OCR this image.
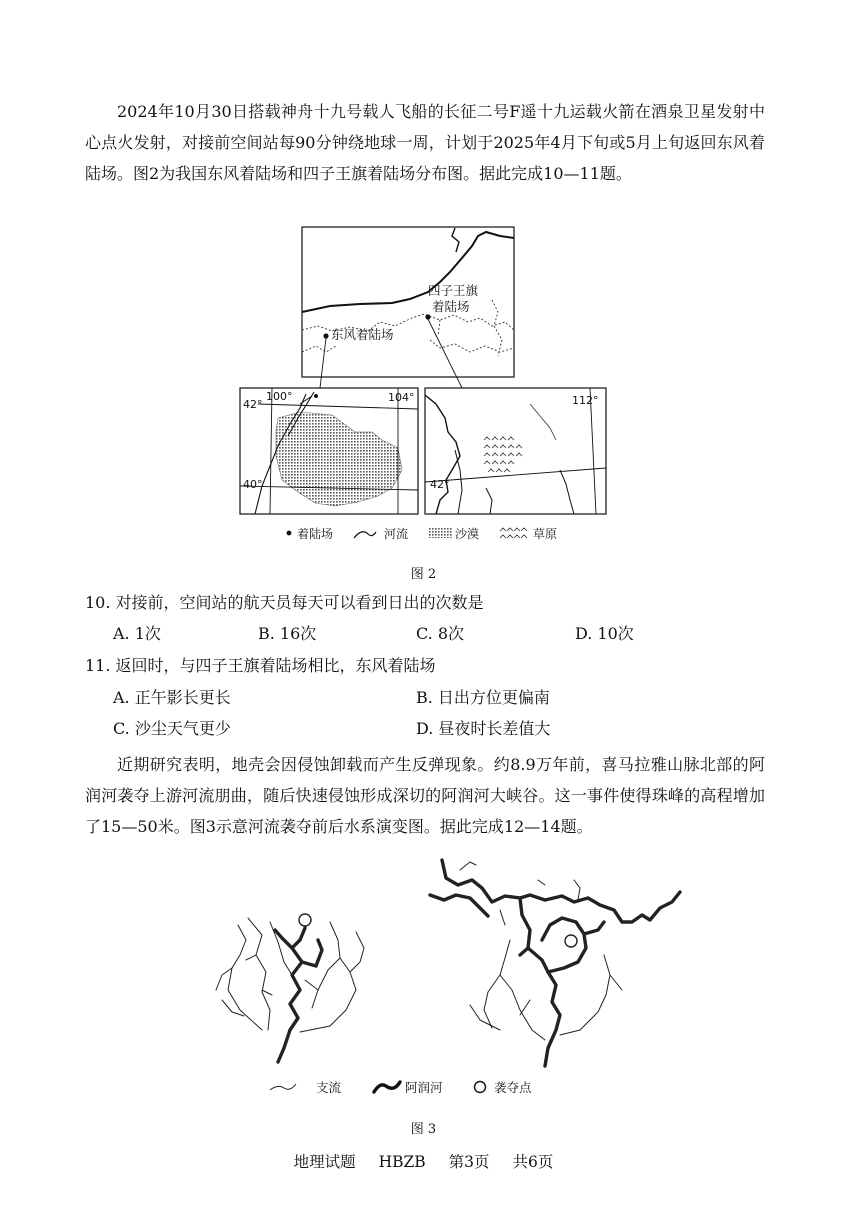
2024年10月30日搭载神舟十九号载人飞船的长征二号F遥十九运载火箭在酒泉卫星发射中心点火发射，对接前空间站每90分钟绕地球一周，计划于2025年4月下旬或5月上旬返回东风着陆场。图2为我国东风着陆场和四子王旗着陆场分布图。据此完成10—11题。

四子王旗
着陆场
东风着陆场
42°
40°
100°	104°	112°
42°
着陆场	河流	沙漠	草原
图 2
10. 对接前，空间站的航天员每天可以看到日出的次数是
A. 1次	B. 16次	C. 8次	D. 10次
11. 返回时，与四子王旗着陆场相比，东风着陆场
A. 正午影长更长	B. 日出方位更偏南
C. 沙尘天气更少	D. 昼夜时长差值大

近期研究表明，地壳会因侵蚀卸载而产生反弹现象。约8.9万年前，喜马拉雅山脉北部的阿润河袭夺上游河流朋曲，随后快速侵蚀形成深切的阿润河大峡谷。这一事件使得珠峰的高程增加了15—50米。图3示意河流袭夺前后水系演变图。据此完成12—14题。

支流	阿润河	袭夺点
图 3
地理试题 HBZB 第3页 共6页
